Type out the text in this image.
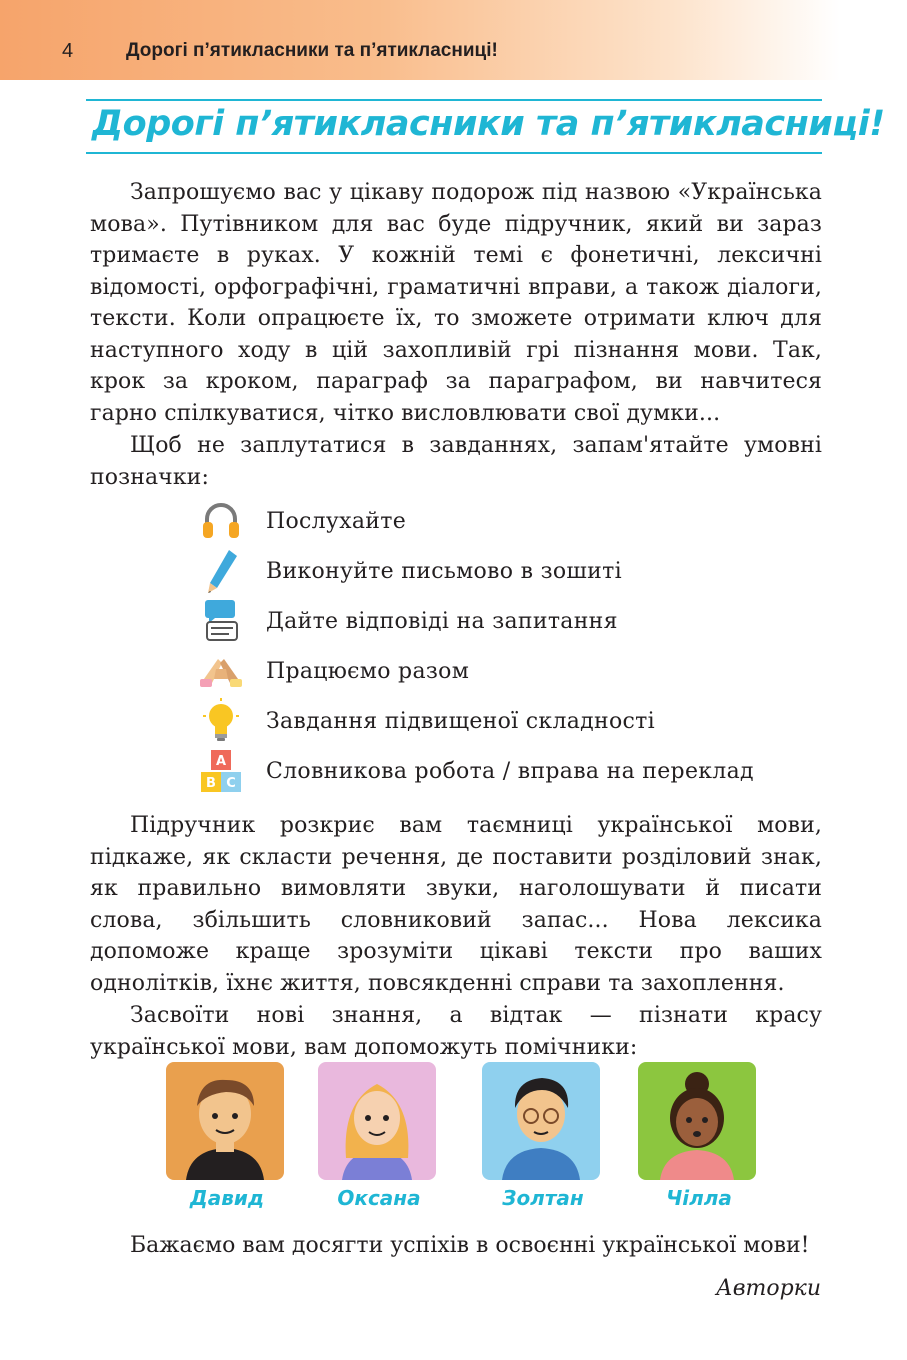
4	Дорогі п’ятикласники та п’ятикласниці!
Дорогі п’ятикласники та п’ятикласниці!

Запрошуємо вас у цікаву подорож під назвою «Українська мова». Путівником для вас буде підручник, який ви зараз тримаєте в руках. У кожній темі є фонетичні, лексичні відомості, орфографічні, граматичні вправи, а також діалоги, тексти. Коли опрацюєте їх, то зможете отримати ключ для наступного ходу в цій захопливій грі пізнання мови. Так, крок за кроком, параграф за параграфом, ви навчитеся гарно спілкуватися, чітко висловлювати свої думки...

Щоб не заплутатися в завданнях, запам'ятайте умовні позначки:

Послухайте
Виконуйте письмово в зошиті
Дайте відповіді на запитання
Працюємо разом
Завдання підвищеної складності
A
B C Словникова робота / вправа на переклад

Підручник розкриє вам таємниці української мови, підкаже, як скласти речення, де поставити розділовий знак, як правильно вимовляти звуки, наголошувати й писати слова, збільшить словниковий запас... Нова лексика допоможе краще зрозуміти цікаві тексти про ваших однолітків, їхнє життя, повсякденні справи та захоплення.

Засвоїти нові знання, а відтак — пізнати красу української мови, вам допоможуть помічники:

Давид	Оксана	Золтан	Чілла

Бажаємо вам досягти успіхів в освоєнні української мови!

Авторки
